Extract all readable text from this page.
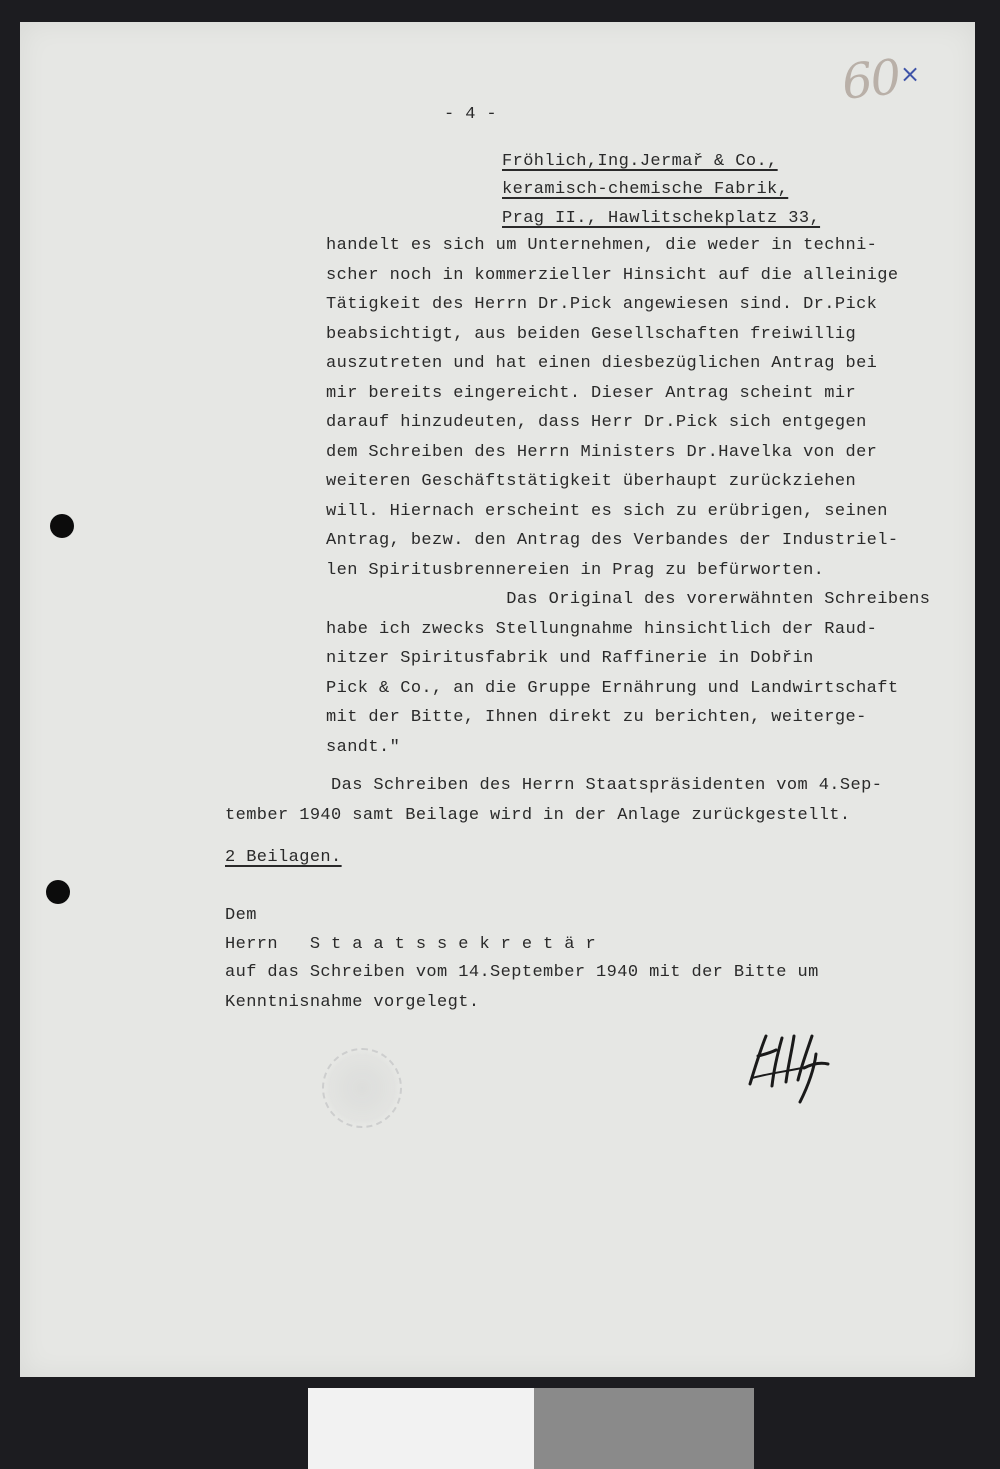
60
×
- 4 -
Fröhlich,Ing.Jermař & Co.,
keramisch-chemische Fabrik,
Prag II., Hawlitschekplatz 33,
handelt es sich um Unternehmen, die weder in techni-
scher noch in kommerzieller Hinsicht auf die alleinige
Tätigkeit des Herrn Dr.Pick angewiesen sind. Dr.Pick
beabsichtigt, aus beiden Gesellschaften freiwillig
auszutreten und hat einen diesbezüglichen Antrag bei
mir bereits eingereicht. Dieser Antrag scheint mir
darauf hinzudeuten, dass Herr Dr.Pick sich entgegen
dem Schreiben des Herrn Ministers Dr.Havelka von der
weiteren Geschäftstätigkeit überhaupt zurückziehen
will. Hiernach erscheint es sich zu erübrigen, seinen
Antrag, bezw. den Antrag des Verbandes der Industriel-
len Spiritusbrennereien in Prag zu befürworten.
Das Original des vorerwähnten Schreibens
habe ich zwecks Stellungnahme hinsichtlich der Raud-
nitzer Spiritusfabrik und Raffinerie in Dobřin
Pick & Co., an die Gruppe Ernährung und Landwirtschaft
mit der Bitte, Ihnen direkt zu berichten, weiterge-
sandt."
Das Schreiben des Herrn Staatspräsidenten vom 4.Sep-
tember 1940 samt Beilage wird in der Anlage zurückgestellt.
2 Beilagen.
Dem
Herrn   S t a a t s s e k r e t ä r
auf das Schreiben vom 14.September 1940 mit der Bitte um
Kenntnisnahme vorgelegt.
